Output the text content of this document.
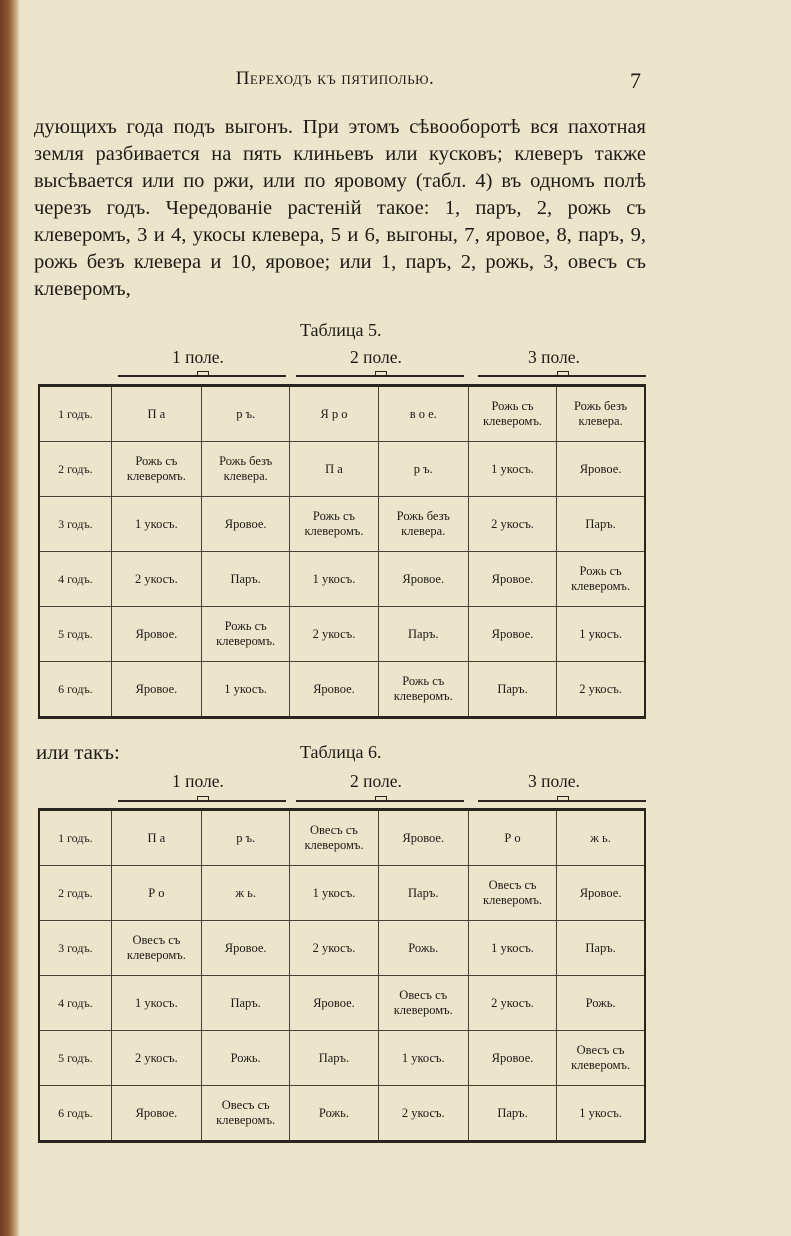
Переходъ къ пятиполью.	7

дующихъ года подъ выгонъ. При этомъ сѣвооборотѣ вся пахотная земля разбивается на пять клиньевъ или кусковъ; клеверъ также высѣвается или по ржи, или по яровому (табл. 4) въ одномъ полѣ черезъ годъ. Чередованіе растеній такое: 1, паръ, 2, рожь съ клеверомъ, 3 и 4, укосы клевера, 5 и 6, выгоны, 7, яровое, 8, паръ, 9, рожь безъ клевера и 10, яровое; или 1, паръ, 2, рожь, 3, овесъ съ клеверомъ,

Таблица 5.
1 поле.	2 поле.	3 поле.
1 годъ.	П а	р ъ.	Я р о	в о е.	Рожь съ клеверомъ.	Рожь безъ клевера.
2 годъ.	Рожь съ клеверомъ.	Рожь безъ клевера.	П а	р ъ.	1 укосъ.	Яровое.
3 годъ.	1 укосъ.	Яровое.	Рожь съ клеверомъ.	Рожь безъ клевера.	2 укосъ.	Паръ.
4 годъ.	2 укосъ.	Паръ.	1 укосъ.	Яровое.	Яровое.	Рожь съ клеверомъ.
5 годъ.	Яровое.	Рожь съ клеверомъ.	2 укосъ.	Паръ.	Яровое.	1 укосъ.
6 годъ.	Яровое.	1 укосъ.	Яровое.	Рожь съ клеверомъ.	Паръ.	2 укосъ.
или такъ:	Таблица 6.
1 поле.	2 поле.	3 поле.
1 годъ.	П а	р ъ.	Овесъ съ клеверомъ.	Яровое.	Р о	ж ь.
2 годъ.	Р о	ж ь.	1 укосъ.	Паръ.	Овесъ съ клеверомъ.	Яровое.
3 годъ.	Овесъ съ клеверомъ.	Яровое.	2 укосъ.	Рожь.	1 укосъ.	Паръ.
4 годъ.	1 укосъ.	Паръ.	Яровое.	Овесъ съ клеверомъ.	2 укосъ.	Рожь.
5 годъ.	2 укосъ.	Рожь.	Паръ.	1 укосъ.	Яровое.	Овесъ съ клеверомъ.
6 годъ.	Яровое.	Овесъ съ клеверомъ.	Рожь.	2 укосъ.	Паръ.	1 укосъ.
